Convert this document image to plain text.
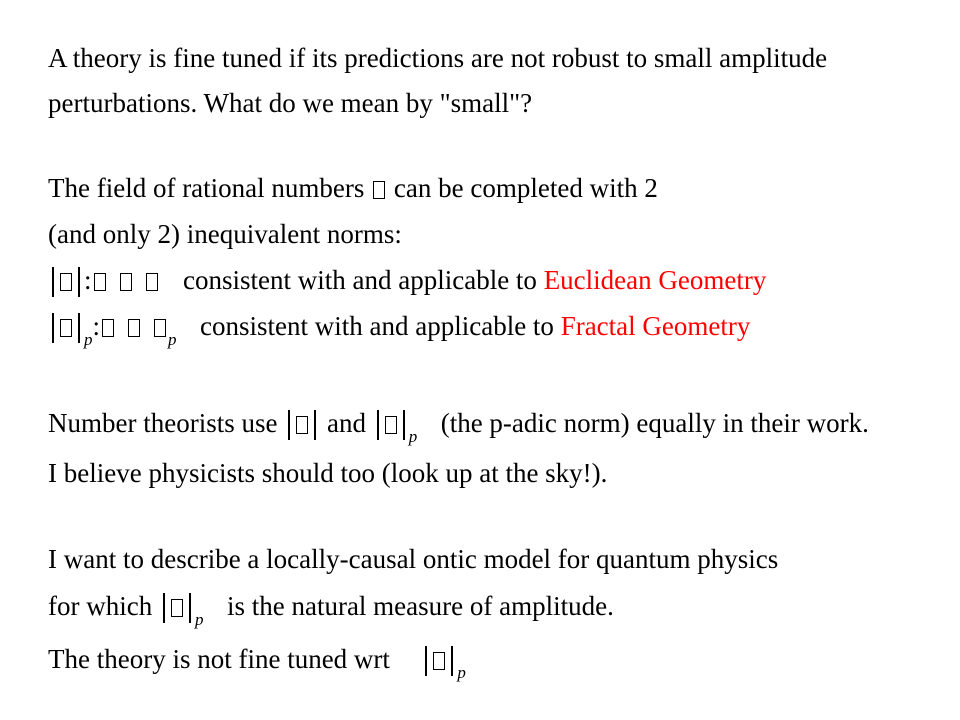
A theory is fine tuned if its predictions are not robust to small amplitude
perturbations. What do we mean by "small"?
The field of rational numbers can be completed with 2
(and only 2) inequivalent norms:
‖ :	consistent with and applicable to Euclidean Geometry
‖ $_p$:	$_p$ consistent with and applicable to Fractal Geometry
Number theorists use ‖ and ‖ $_p$ (the p-adic norm) equally in their work.
I believe physicists should too (look up at the sky!).
I want to describe a locally-causal ontic model for quantum physics
for which ‖ $_p$ is the natural measure of amplitude.
The theory is not fine tuned wrt ‖ $_p$
